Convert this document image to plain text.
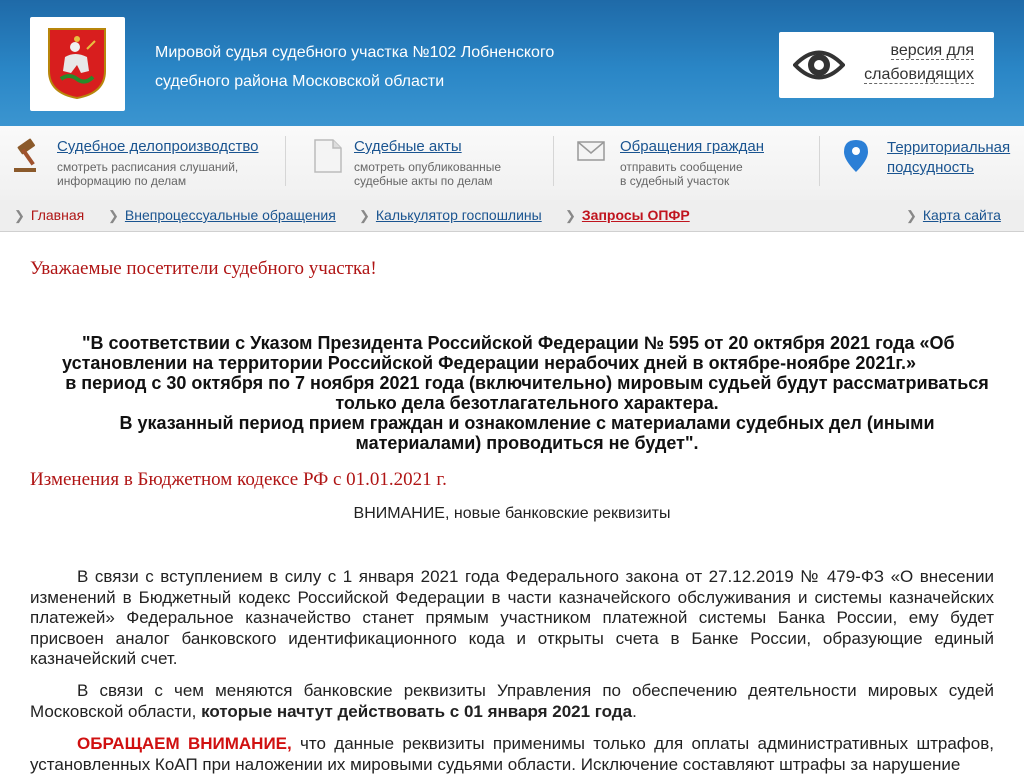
Мировой судья судебного участка №102 Лобненского судебного района Московской области
версия для
слабовидящих
Судебное делопроизводство
смотреть расписания слушаний,
информацию по делам
Судебные акты
смотреть опубликованные
судебные акты по делам
Обращения граждан
отправить сообщение
в судебный участок
Территориальная
подсудность
❯ Главная ❯ Внепроцессуальные обращения ❯ Калькулятор госпошлины ❯ Запросы ОПФР	❯ Карта сайта
Уважаемые посетители судебного участка!

"В соответствии с Указом Президента Российской Федерации № 595 от 20 октября 2021 года «Об установлении на территории Российской Федерации нерабочих дней в октябре-ноябре 2021г.»

в период с 30 октября по 7 ноября 2021 года (включительно) мировым судьей будут рассматриваться только дела безотлагательного характера.

В указанный период прием граждан и ознакомление с материалами судебных дел (иными материалами) проводиться не будет".

Изменения в Бюджетном кодексе РФ с 01.01.2021 г.
ВНИМАНИЕ, новые банковские реквизиты

В связи с вступлением в силу с 1 января 2021 года Федерального закона от 27.12.2019 № 479-ФЗ «О внесении изменений в Бюджетный кодекс Российской Федерации в части казначейского обслуживания и системы казначейских платежей» Федеральное казначейство станет прямым участником платежной системы Банка России, ему будет присвоен аналог банковского идентификационного кода и открыты счета в Банке России, образующие единый казначейский счет.

В связи с чем меняются банковские реквизиты Управления по обеспечению деятельности мировых судей Московской области, которые начтут действовать с 01 января 2021 года.

ОБРАЩАЕМ ВНИМАНИЕ, что данные реквизиты применимы только для оплаты административных штрафов, установленных КоАП при наложении их мировыми судьями области. Исключение составляют штрафы за нарушение
